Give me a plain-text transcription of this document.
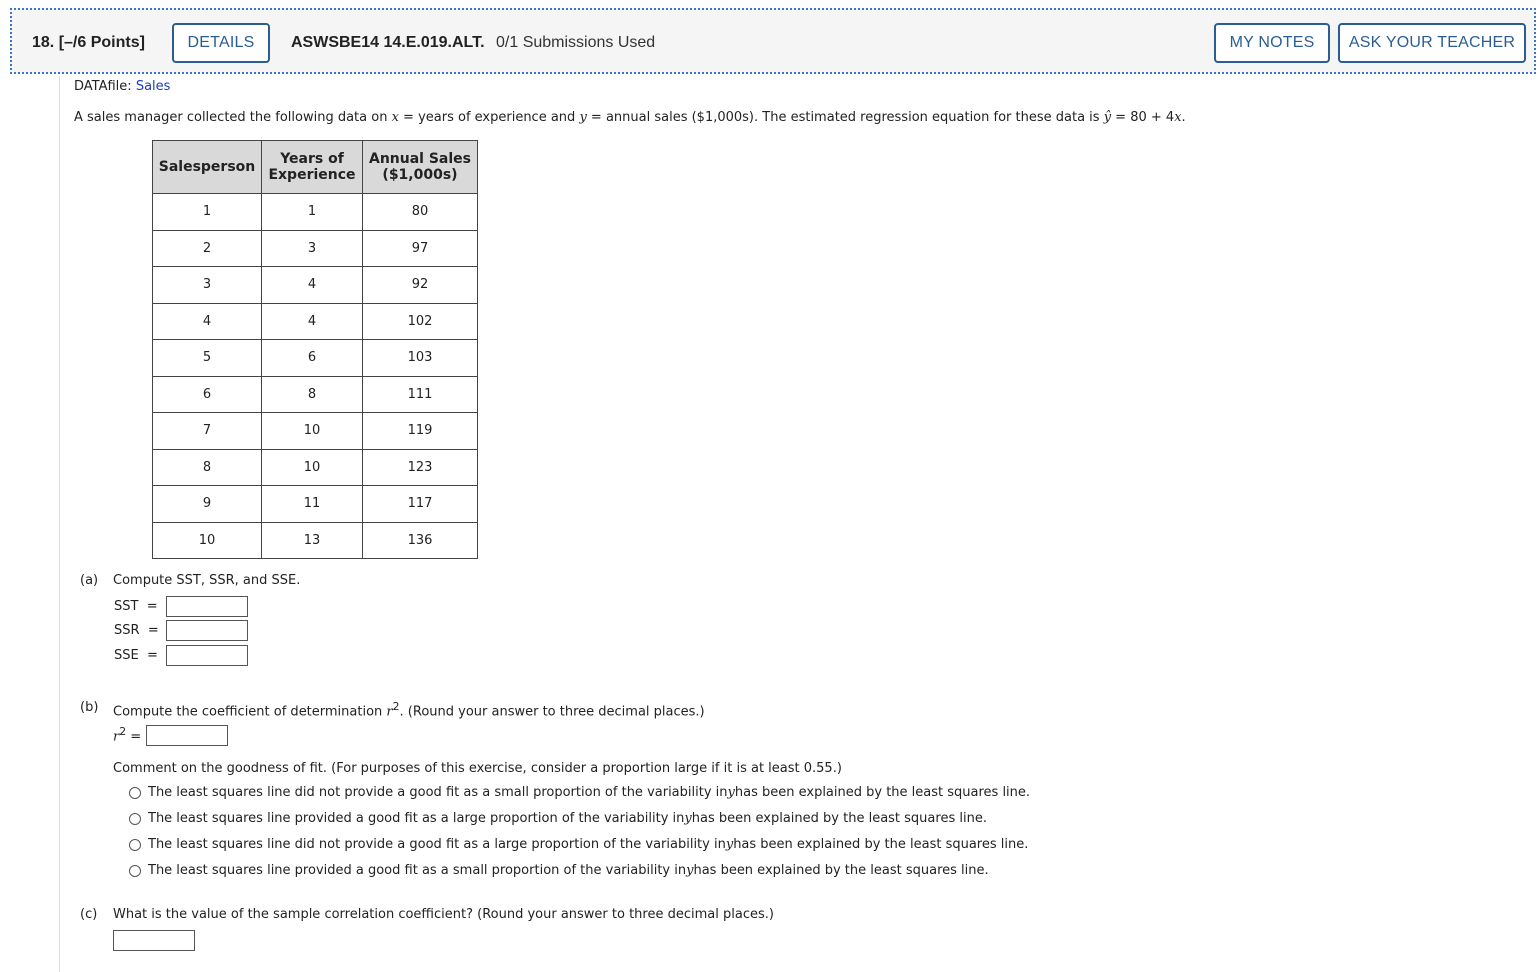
18. [–/6 Points]	DETAILS	ASWSBE14 14.E.019.ALT. 0/1 Submissions Used	MY NOTES	ASK YOUR TEACHER
DATAfile: Sales
A sales manager collected the following data on x = years of experience and y = annual sales ($1,000s). The estimated regression equation for these data is ŷ = 80 + 4x.
Salesperson	Years of Experience	Annual Sales ($1,000s)
1	1	80
2	3	97
3	4	92
4	4	102
5	6	103
6	8	111
7	10	119
8	10	123
9	11	117
10	13	136
(a) Compute SST, SSR, and SSE.
SST =
SSR =
SSE =
(b) Compute the coefficient of determination $r^2$. (Round your answer to three decimal places.)
$r^2$ =
Comment on the goodness of fit. (For purposes of this exercise, consider a proportion large if it is at least 0.55.)
The least squares line did not provide a good fit as a small proportion of the variability in y has been explained by the least squares line.
The least squares line provided a good fit as a large proportion of the variability in y has been explained by the least squares line.
The least squares line did not provide a good fit as a large proportion of the variability in y has been explained by the least squares line.
The least squares line provided a good fit as a small proportion of the variability in y has been explained by the least squares line.
(c) What is the value of the sample correlation coefficient? (Round your answer to three decimal places.)
